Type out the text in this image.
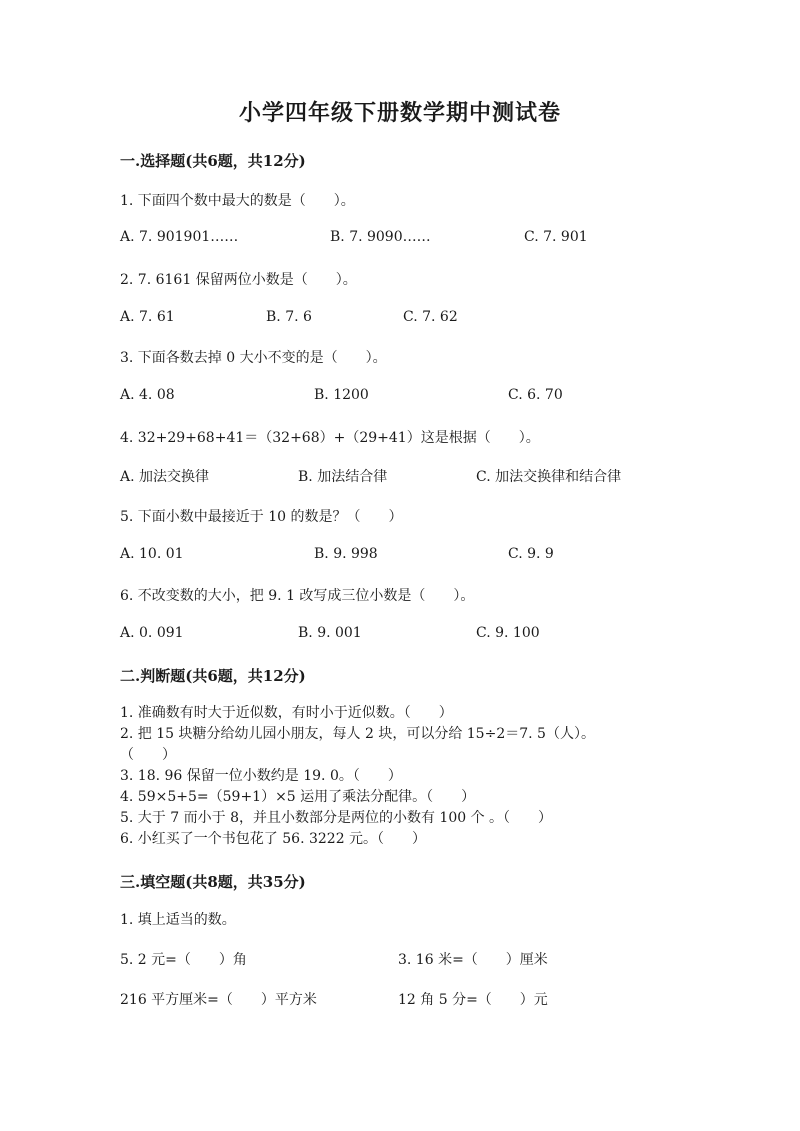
小学四年级下册数学期中测试卷
一.选择题(共6题，共12分)
1. 下面四个数中最大的数是（　　）。
A. 7. 901901……	B. 7. 9090……	C. 7. 901
2. 7. 6161 保留两位小数是（　　）。
A. 7. 61	B. 7. 6	C. 7. 62
3. 下面各数去掉 0 大小不变的是（　　）。
A. 4. 08	B. 1200	C. 6. 70
4. 32+29+68+41＝（32+68）+（29+41）这是根据（　　）。
A. 加法交换律	B. 加法结合律	C. 加法交换律和结合律
5. 下面小数中最接近于 10 的数是？（　　）
A. 10. 01	B. 9. 998	C. 9. 9
6. 不改变数的大小，把 9. 1 改写成三位小数是（　　）。
A. 0. 091	B. 9. 001	C. 9. 100
二.判断题(共6题，共12分)
1. 准确数有时大于近似数，有时小于近似数。（　　）
2. 把 15 块糖分给幼儿园小朋友，每人 2 块，可以分给 15÷2＝7. 5（人）。
（　　）
3. 18. 96 保留一位小数约是 19. 0。（　　）
4. 59×5+5=（59+1）×5 运用了乘法分配律。（　　）
5. 大于 7 而小于 8，并且小数部分是两位的小数有 100 个 。（　　）
6. 小红买了一个书包花了 56. 3222 元。（　　）
三.填空题(共8题，共35分)
1. 填上适当的数。
5. 2 元=（　　）角	3. 16 米=（　　）厘米
216 平方厘米=（　　）平方米	12 角 5 分=（　　）元
